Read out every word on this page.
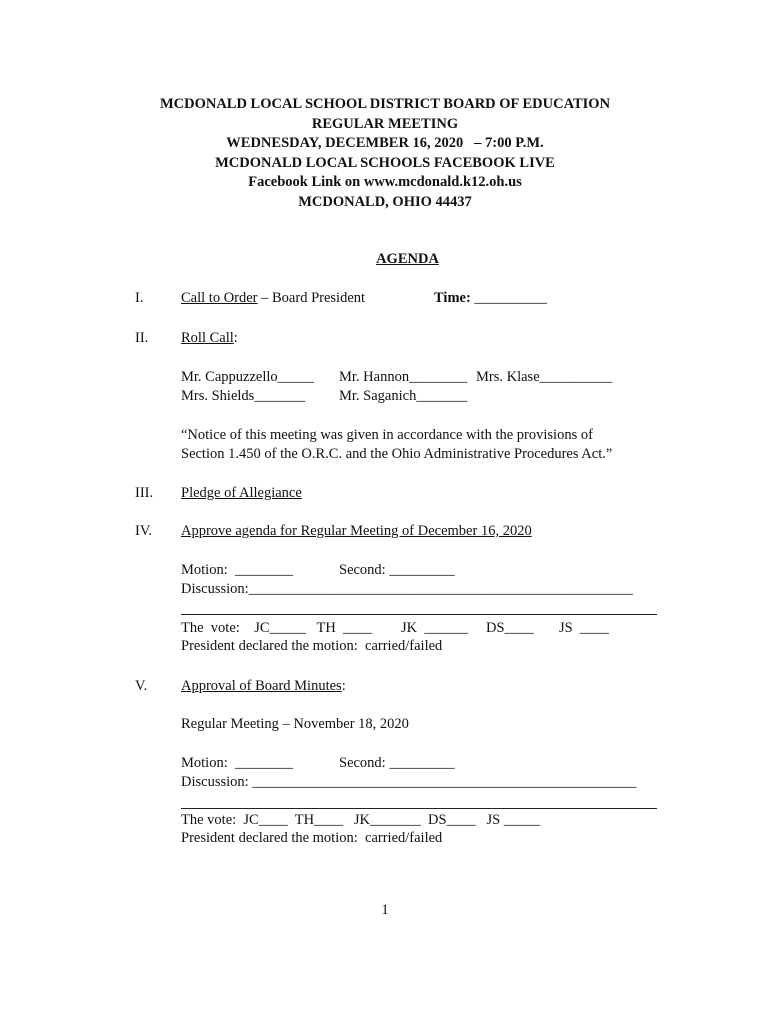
MCDONALD LOCAL SCHOOL DISTRICT BOARD OF EDUCATION
REGULAR MEETING
WEDNESDAY, DECEMBER 16, 2020   – 7:00 P.M.
MCDONALD LOCAL SCHOOLS FACEBOOK LIVE
Facebook Link on www.mcdonald.k12.oh.us
MCDONALD, OHIO 44437
AGENDA
I.	Call to Order – Board President	Time: __________
II. Roll Call:
Mr. Cappuzzello_____ Mr. Hannon________ Mrs. Klase__________
Mrs. Shields_______ Mr. Saganich_______
“Notice of this meeting was given in accordance with the provisions of
Section 1.450 of the O.R.C. and the Ohio Administrative Procedures Act.”
III. Pledge of Allegiance
IV. Approve agenda for Regular Meeting of December 16, 2020
Motion:  ________	Second: _________
Discussion:_____________________________________________________
The  vote:    JC_____   TH  ____        JK  ______     DS____       JS  ____
President declared the motion:  carried/failed
V. Approval of Board Minutes:
Regular Meeting – November 18, 2020
Motion:  ________	Second: _________
Discussion: _____________________________________________________
The vote:  JC____  TH____   JK_______  DS____   JS _____
President declared the motion:  carried/failed
1
